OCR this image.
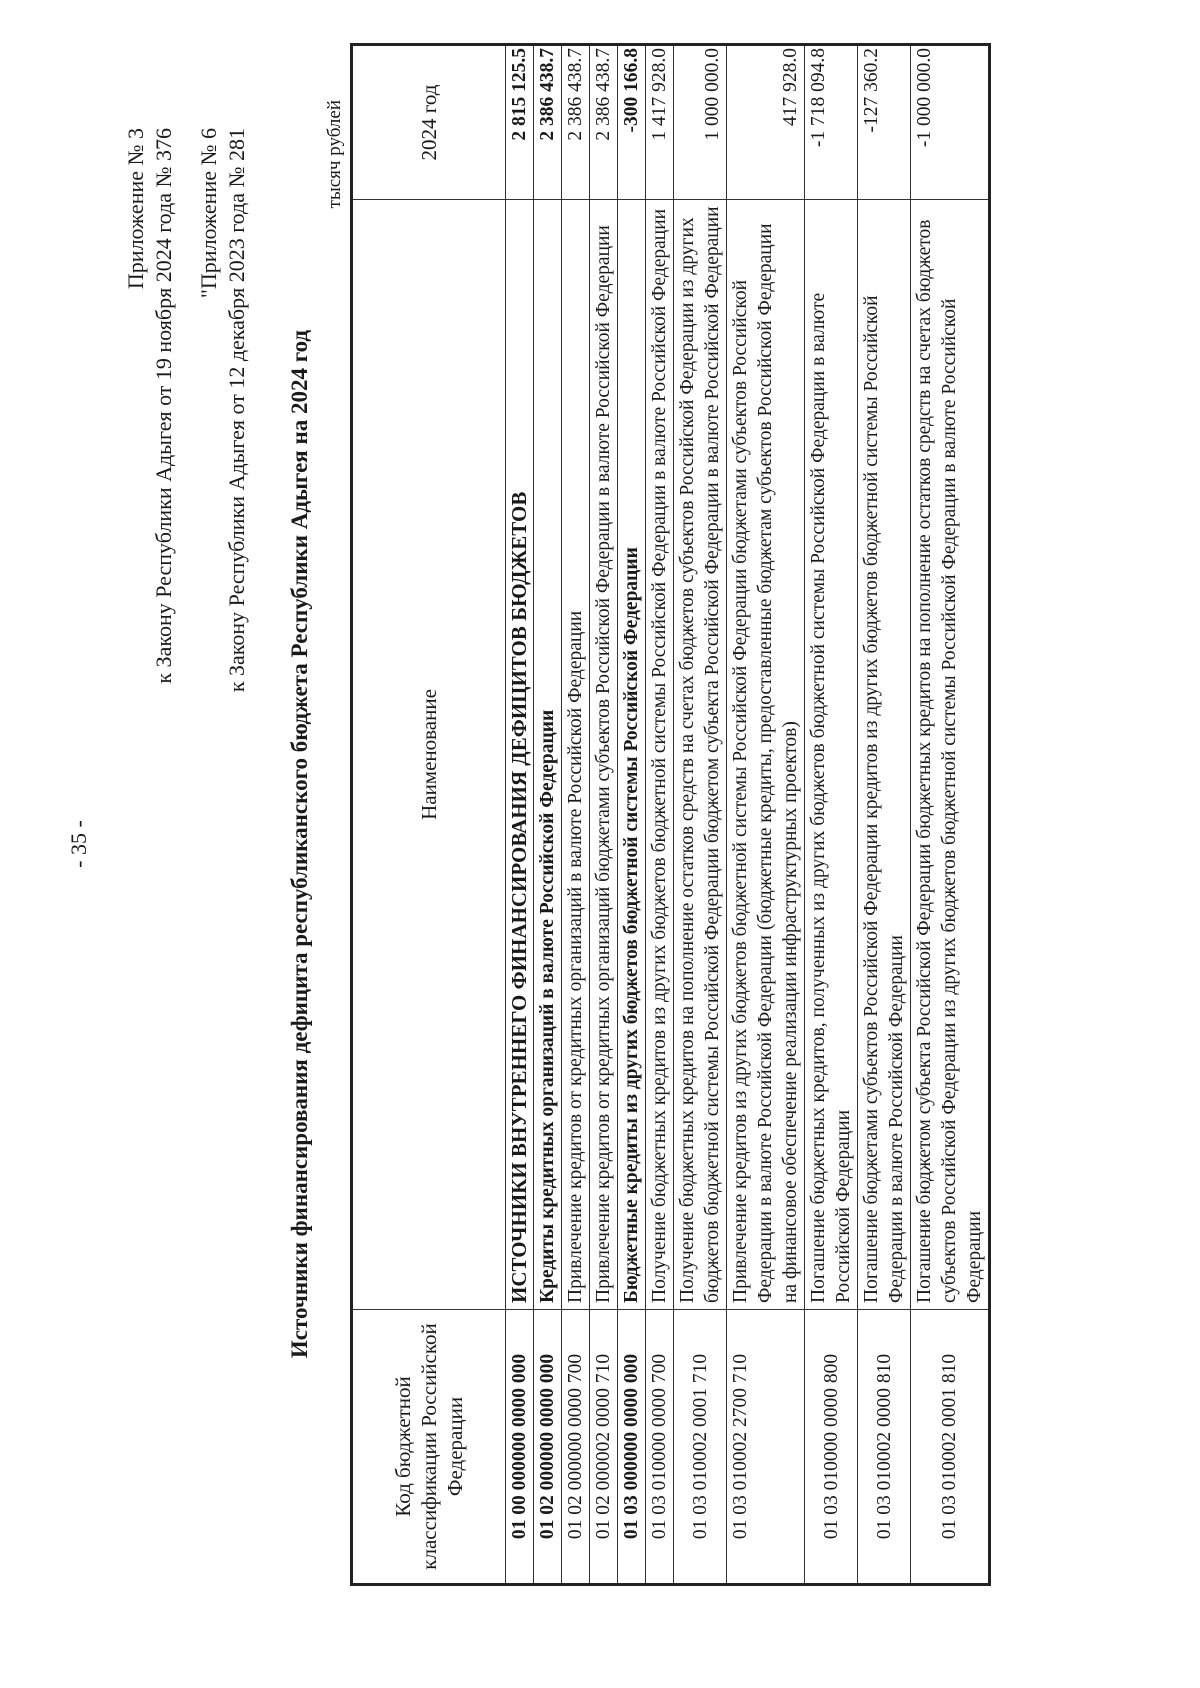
- 35 -
Приложение № 3 к Закону Республики Адыгея от 19 ноября 2024 года № 376 "Приложение № 6 к Закону Республики Адыгея от 12 декабря 2023 года № 281 Источники финансирования дефицита республиканского бюджета Республики Адыгея на 2024 год
тысяч рублей
Код бюджетной классификации Российской Федерации	Наименование	2024 год
01 00 000000 0000 000	ИСТОЧНИКИ ВНУТРЕННЕГО ФИНАНСИРОВАНИЯ ДЕФИЦИТОВ БЮДЖЕТОВ	2 815 125.5
01 02 000000 0000 000	Кредиты кредитных организаций в валюте Российской Федерации	2 386 438.7
01 02 000000 0000 700	Привлечение кредитов от кредитных организаций в валюте Российской Федерации	2 386 438.7
01 02 000002 0000 710	Привлечение кредитов от кредитных организаций бюджетами субъектов Российской Федерации в валюте Российской Федерации	2 386 438.7
01 03 000000 0000 000	Бюджетные кредиты из других бюджетов бюджетной системы Российской Федерации	-300 166.8
01 03 010000 0000 700	Получение бюджетных кредитов из других бюджетов бюджетной системы Российской Федерации в валюте Российской Федерации	1 417 928.0
01 03 010002 0001 710	Получение бюджетных кредитов на пополнение остатков средств на счетах бюджетов субъектов Российской Федерации из других бюджетов бюджетной системы Российской Федерации бюджетом субъекта Российской Федерации в валюте Российской Федерации	1 000 000.0
01 03 010002 2700 710	Привлечение кредитов из других бюджетов бюджетной системы Российской Федерации бюджетами субъектов Российской Федерации в валюте Российской Федерации (бюджетные кредиты, предоставленные бюджетам субъектов Российской Федерации на финансовое обеспечение реализации инфраструктурных проектов)	417 928.0
01 03 010000 0000 800	Погашение бюджетных кредитов, полученных из других бюджетов бюджетной системы Российской Федерации в валюте Российской Федерации	-1 718 094.8
01 03 010002 0000 810	Погашение бюджетами субъектов Российской Федерации кредитов из других бюджетов бюджетной системы Российской Федерации в валюте Российской Федерации	-127 360.2
01 03 010002 0001 810	Погашение бюджетом субъекта Российской Федерации бюджетных кредитов на пополнение остатков средств на счетах бюджетов субъектов Российской Федерации из других бюджетов бюджетной системы Российской Федерации в валюте Российской Федерации	-1 000 000.0
